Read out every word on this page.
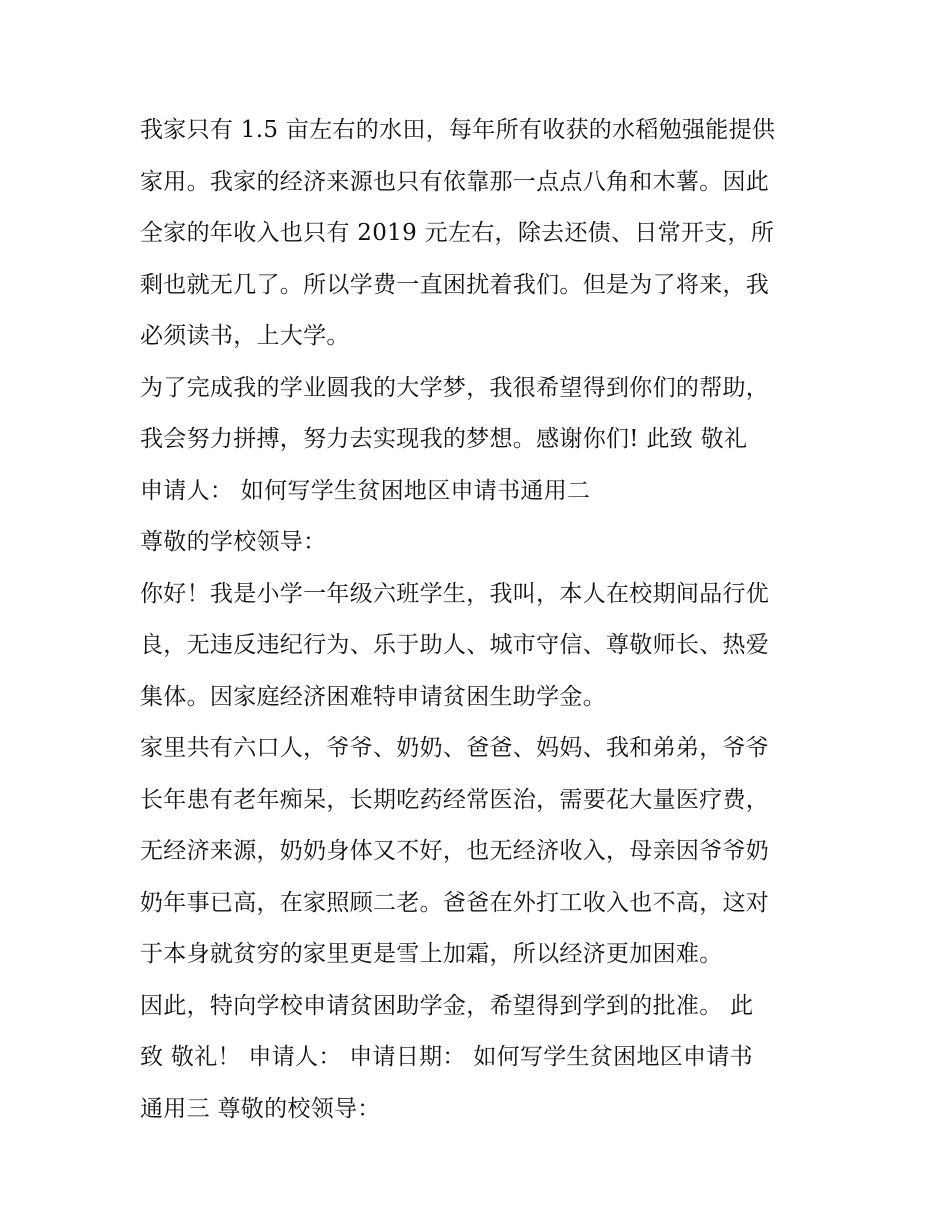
我家只有 1.5 亩左右的水田，每年所有收获的水稻勉强能提供
家用。我家的经济来源也只有依靠那一点点八角和木薯。因此
全家的年收入也只有 2019 元左右，除去还债、日常开支，所
剩也就无几了。所以学费一直困扰着我们。但是为了将来，我
必须读书，上大学。
为了完成我的学业圆我的大学梦，我很希望得到你们的帮助，
我会努力拼搏，努力去实现我的梦想。感谢你们! 此致 敬礼
申请人： 如何写学生贫困地区申请书通用二
尊敬的学校领导：
你好！我是小学一年级六班学生，我叫，本人在校期间品行优
良，无违反违纪行为、乐于助人、城市守信、尊敬师长、热爱
集体。因家庭经济困难特申请贫困生助学金。
家里共有六口人，爷爷、奶奶、爸爸、妈妈、我和弟弟，爷爷
长年患有老年痴呆，长期吃药经常医治，需要花大量医疗费，
无经济来源，奶奶身体又不好，也无经济收入，母亲因爷爷奶
奶年事已高，在家照顾二老。爸爸在外打工收入也不高，这对
于本身就贫穷的家里更是雪上加霜，所以经济更加困难。
因此，特向学校申请贫困助学金，希望得到学到的批准。 此
致 敬礼！ 申请人： 申请日期： 如何写学生贫困地区申请书
通用三 尊敬的校领导：
